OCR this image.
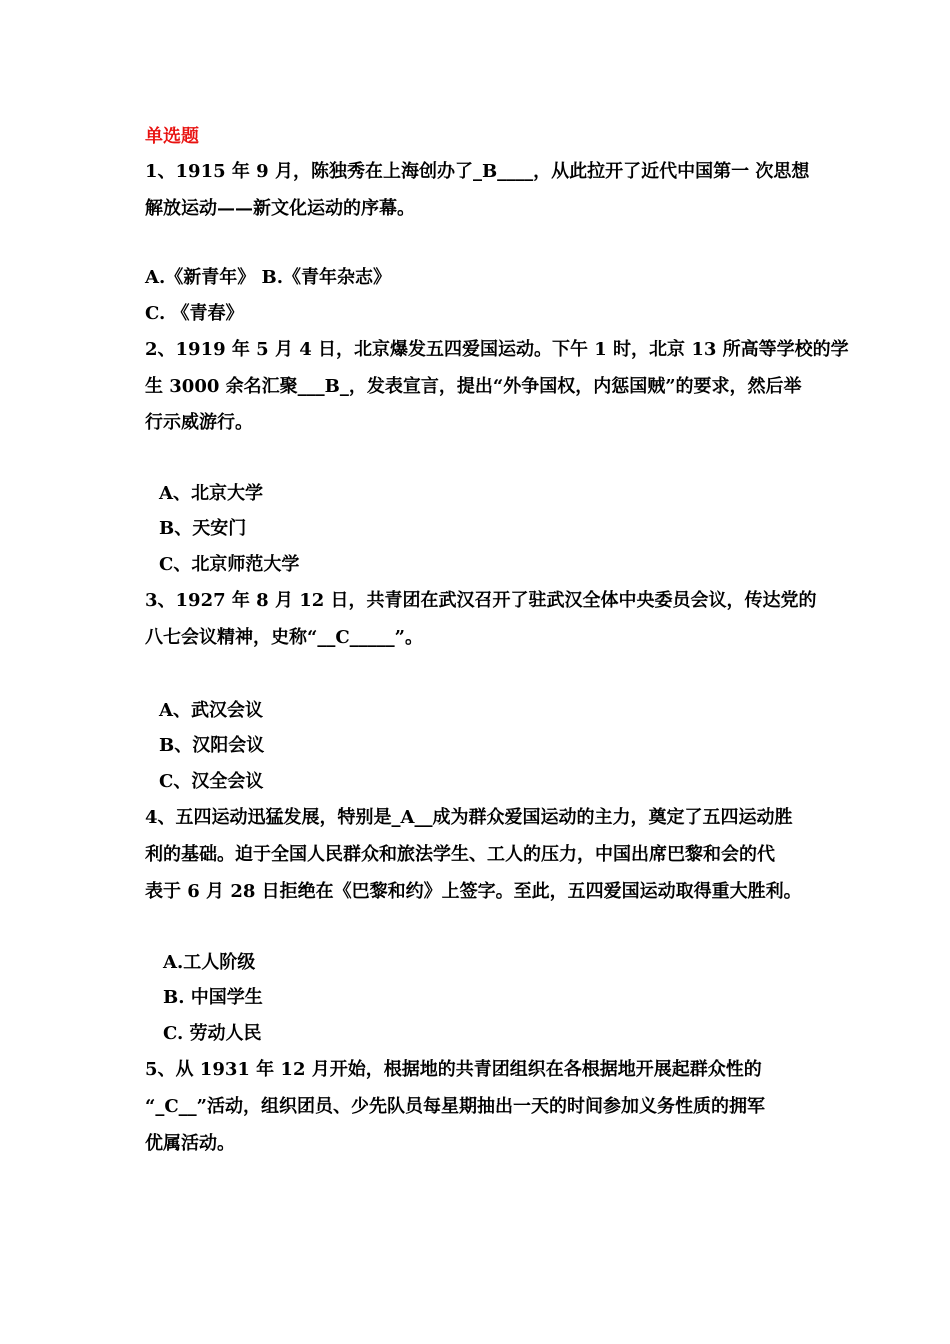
单选题
1、1915 年 9 月，陈独秀在上海创办了_B____，从此拉开了近代中国第一 次思想
解放运动——新文化运动的序幕。
A.《新青年》 B.《青年杂志》
C. 《青春》
2、1919 年 5 月 4 日，北京爆发五四爱国运动。下午 1 时，北京 13 所高等学校的学
生 3000 余名汇聚___B_，发表宣言，提出“外争国权，内惩国贼”的要求，然后举
行示威游行。
A、北京大学
B、天安门
C、北京师范大学
3、1927 年 8 月 12 日，共青团在武汉召开了驻武汉全体中央委员会议，传达党的
八七会议精神，史称“__C_____”。
A、武汉会议
B、汉阳会议
C、汉全会议
4、五四运动迅猛发展，特别是_A__成为群众爱国运动的主力，奠定了五四运动胜
利的基础。迫于全国人民群众和旅法学生、工人的压力，中国出席巴黎和会的代
表于 6 月 28 日拒绝在《巴黎和约》上签字。至此，五四爱国运动取得重大胜利。
A.工人阶级
B. 中国学生
C. 劳动人民
5、从 1931 年 12 月开始，根据地的共青团组织在各根据地开展起群众性的
“_C__”活动，组织团员、少先队员每星期抽出一天的时间参加义务性质的拥军
优属活动。
